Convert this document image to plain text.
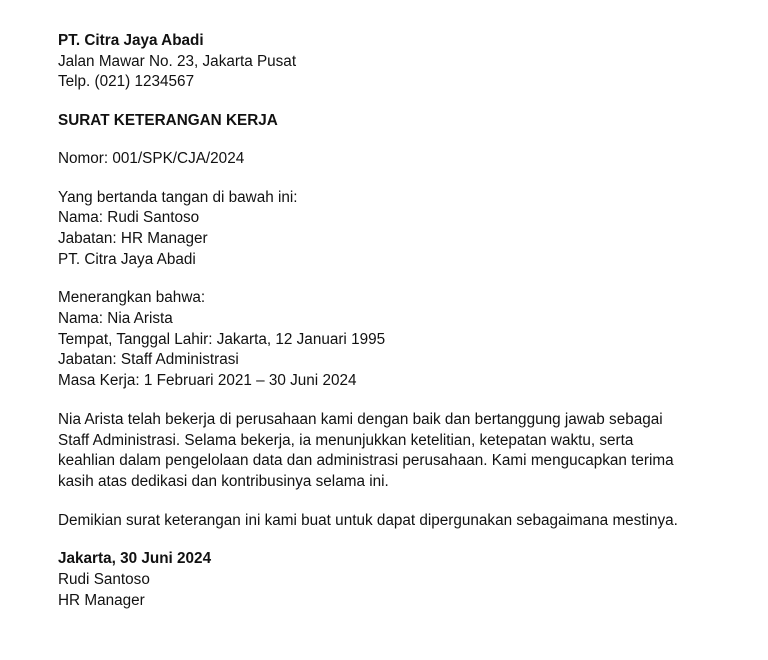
PT. Citra Jaya Abadi
Jalan Mawar No. 23, Jakarta Pusat
Telp. (021) 1234567
SURAT KETERANGAN KERJA
Nomor: 001/SPK/CJA/2024
Yang bertanda tangan di bawah ini:
Nama: Rudi Santoso
Jabatan: HR Manager
PT. Citra Jaya Abadi
Menerangkan bahwa:
Nama: Nia Arista
Tempat, Tanggal Lahir: Jakarta, 12 Januari 1995
Jabatan: Staff Administrasi
Masa Kerja: 1 Februari 2021 – 30 Juni 2024
Nia Arista telah bekerja di perusahaan kami dengan baik dan bertanggung jawab sebagai
Staff Administrasi. Selama bekerja, ia menunjukkan ketelitian, ketepatan waktu, serta
keahlian dalam pengelolaan data dan administrasi perusahaan. Kami mengucapkan terima
kasih atas dedikasi dan kontribusinya selama ini.
Demikian surat keterangan ini kami buat untuk dapat dipergunakan sebagaimana mestinya.
Jakarta, 30 Juni 2024
Rudi Santoso
HR Manager
